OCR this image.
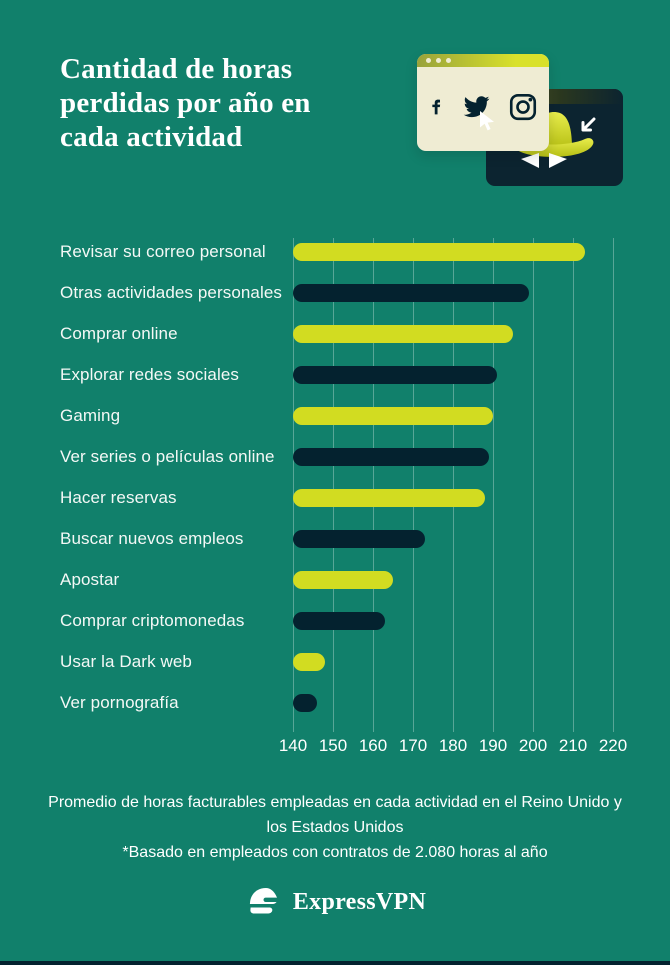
Cantidad de horas
perdidas por año en
cada actividad
Revisar su correo personal
Otras actividades personales
Comprar online
Explorar redes sociales
Gaming
Ver series o películas online
Hacer reservas
Buscar nuevos empleos
Apostar
Comprar criptomonedas
Usar la Dark web
Ver pornografía
140 150 160 170 180 190 200 210 220
Promedio de horas facturables empleadas en cada actividad en el Reino Unido y los Estados Unidos
*Basado en empleados con contratos de 2.080 horas al año
ExpressVPN
